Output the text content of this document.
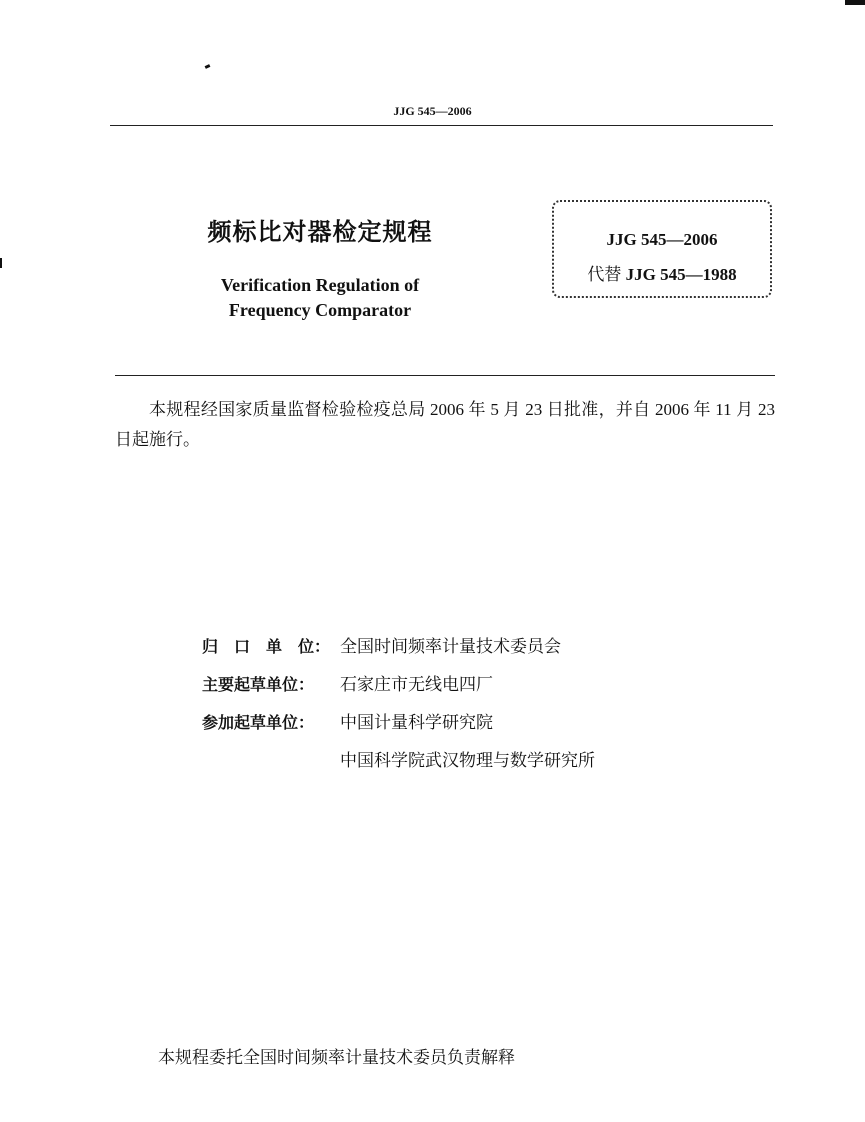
JJG 545—2006
频标比对器检定规程
Verification Regulation of
Frequency Comparator
JJG 545—2006
代替 JJG 545—1988
本规程经国家质量监督检验检疫总局 2006 年 5 月 23 日批准，并自 2006 年 11 月 23 日起施行。
归　口　单　位： 全国时间频率计量技术委员会
主要起草单位：	石家庄市无线电四厂
参加起草单位：	中国计量科学研究院
中国科学院武汉物理与数学研究所
本规程委托全国时间频率计量技术委员负责解释
